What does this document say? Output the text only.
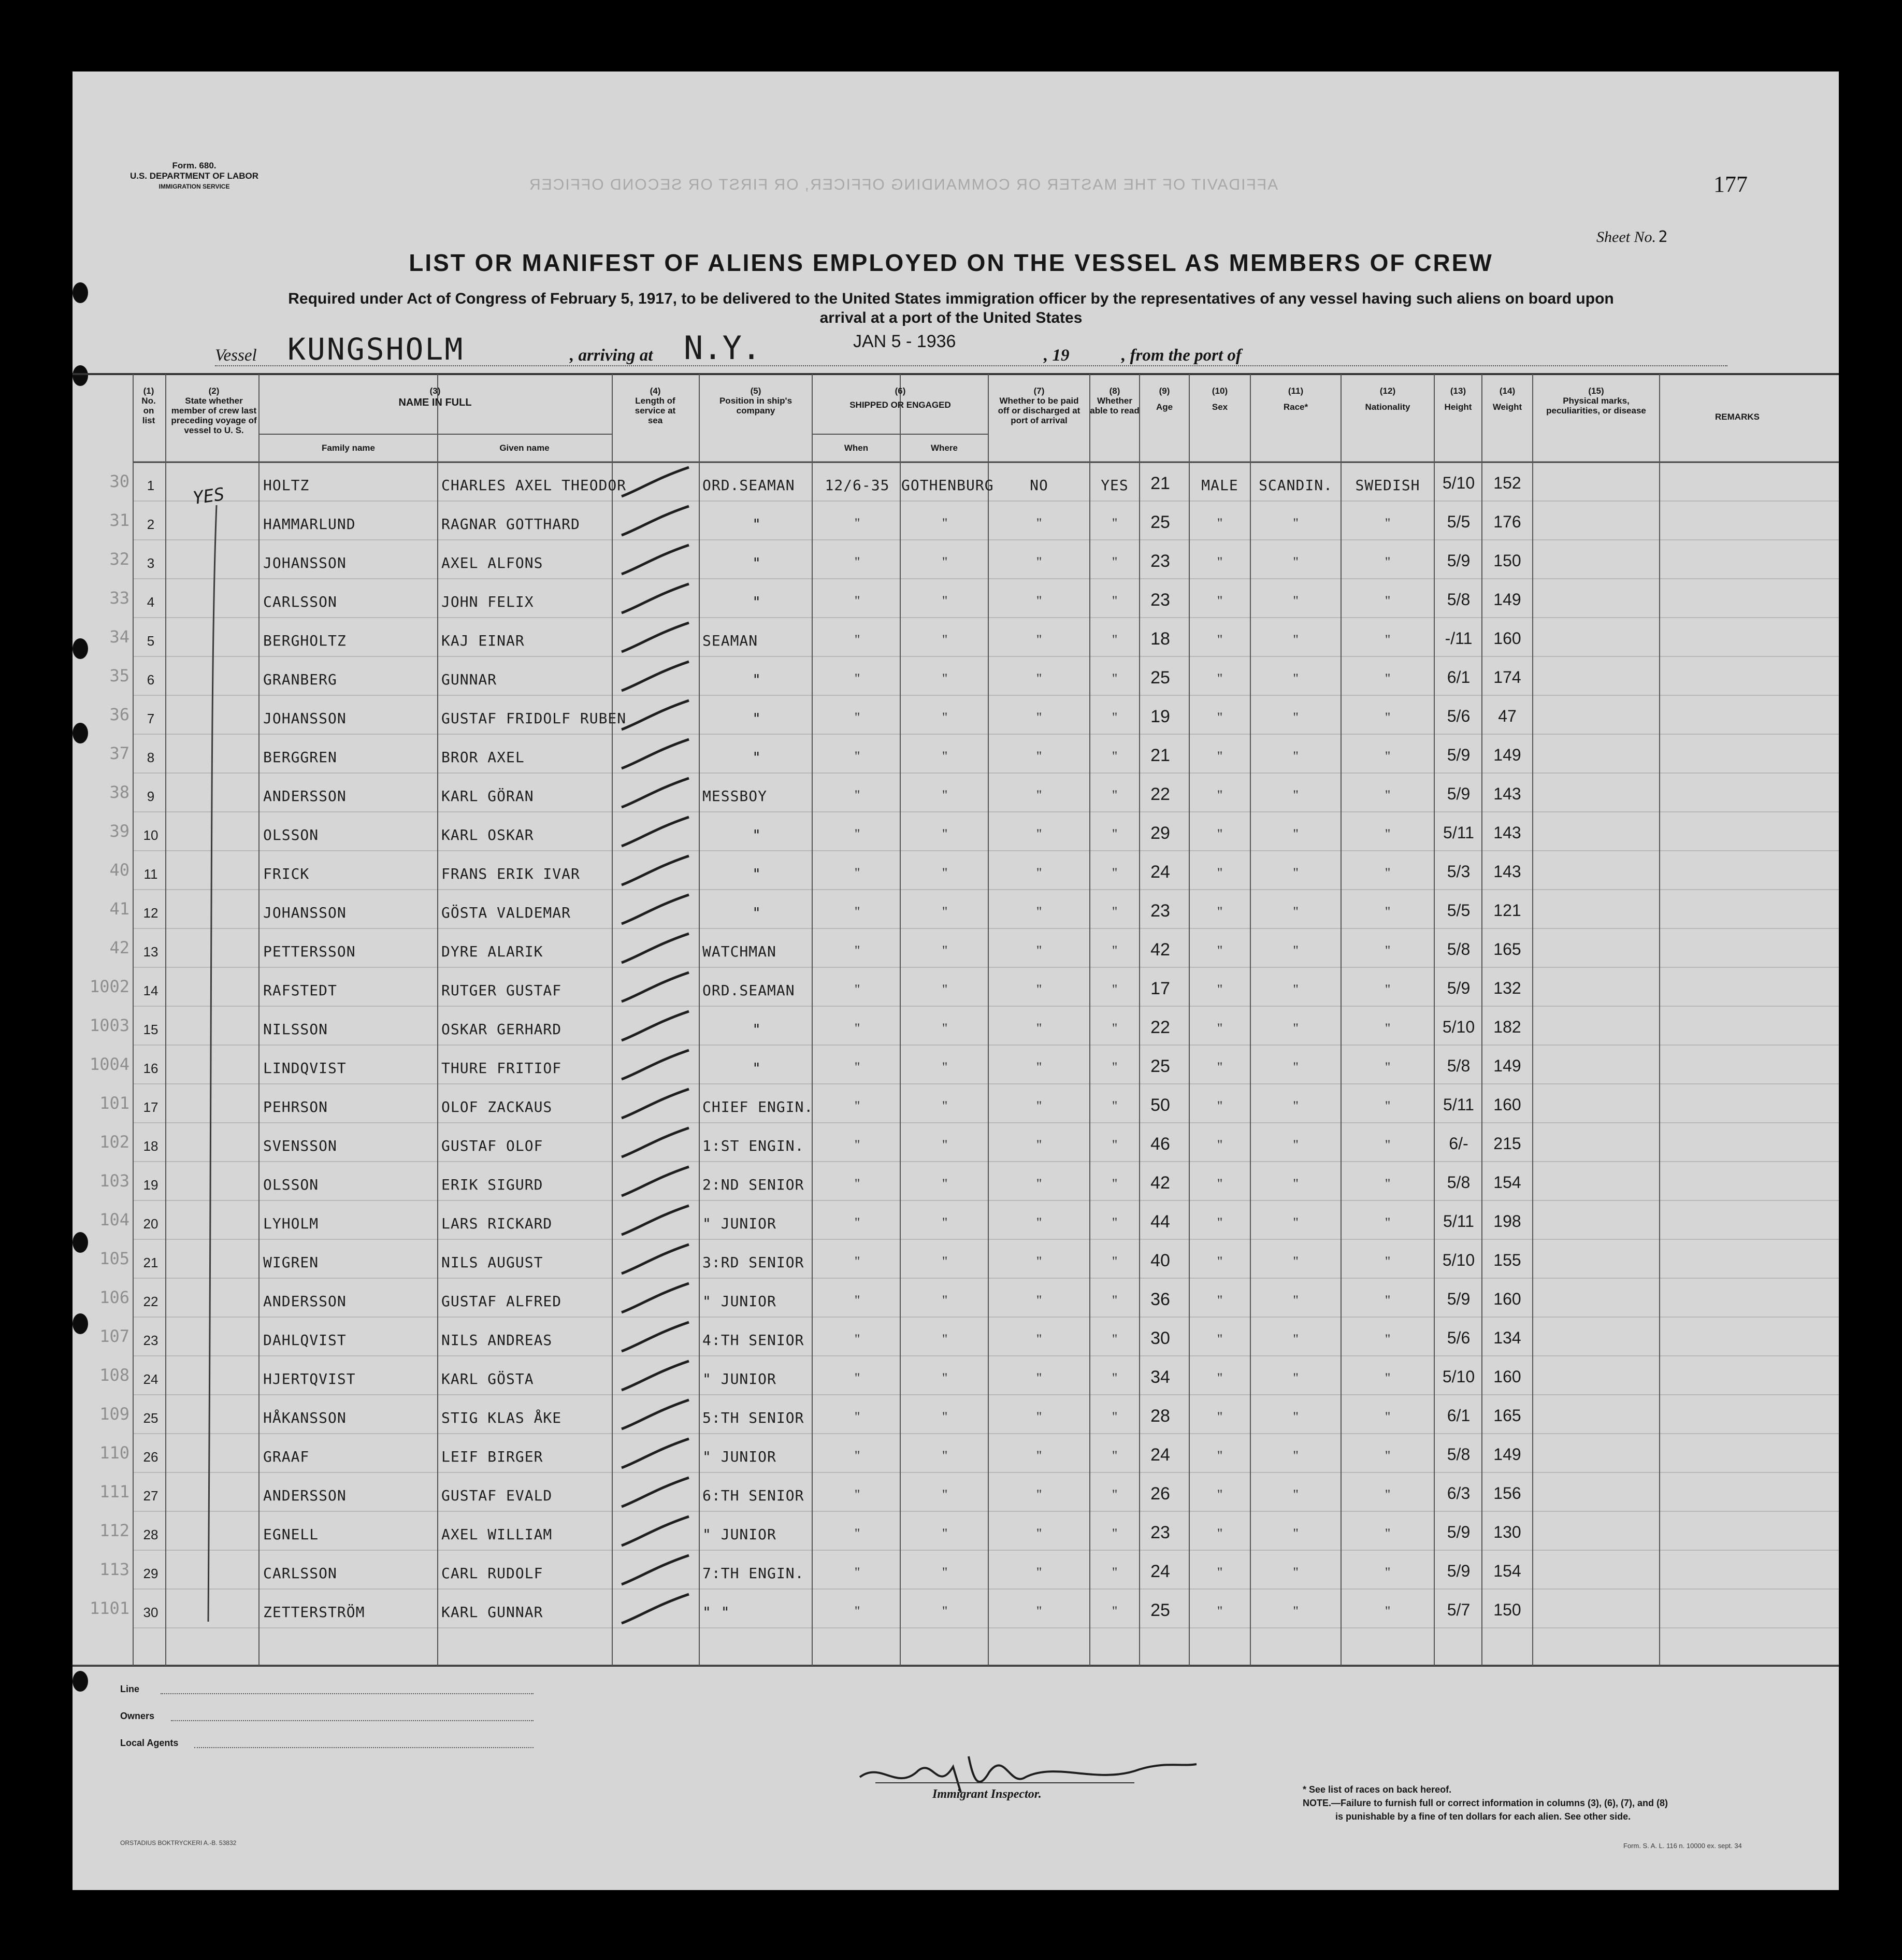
Form. 680.
U.S. DEPARTMENT OF LABOR
IMMIGRATION SERVICE	AFFIDAVIT OF THE MASTER OR COMMANDING OFFICER, OR FIRST OR SECOND OFFICER	177
Sheet No. 2
LIST OR MANIFEST OF ALIENS EMPLOYED ON THE VESSEL AS MEMBERS OF CREW
Required under Act of Congress of February 5, 1917, to be delivered to the United States immigration officer by the representatives of any vessel having such aliens on board upon
arrival at a port of the United States
Vessel KUNGSHOLM	, arriving at N.Y.	JAN 5 - 1936
, 19	, from the port of
(1)
No. on list
(2)
State whether member of crew last preceding voyage of vessel to U. S.
(3)
NAME IN FULL
Family name	Given name
(4)
Length of service at sea
(5)
Position in ship's company
(6)
SHIPPED OR ENGAGED
When	Where
(7)
Whether to be paid off or discharged at port of arrival
(8)
Whether able to read
(9)
Age
(10)
Sex
(11)
Race*
(12)
Nationality
(13)
Height
(14)
Weight
(15)
Physical marks, peculiarities, or disease
REMARKS
30	1	HOLTZ	CHARLES AXEL THEODOR	ORD.SEAMAN	12/6-35 GOTHENBURG	NO	YES	21	MALE	SCANDIN.	SWEDISH	5/10	152
31	2	HAMMARLUND	RAGNAR GOTTHARD	"	"	"	"	"	25	"	"	"	5/5	176
32	3	JOHANSSON	AXEL ALFONS	"	"	"	"	"	23	"	"	"	5/9	150
33	4	CARLSSON	JOHN FELIX	"	"	"	"	"	23	"	"	"	5/8	149
34	5	BERGHOLTZ	KAJ EINAR	SEAMAN	"	"	"	"	18	"	"	"	-/11	160
35	6	GRANBERG	GUNNAR	"	"	"	"	"	25	"	"	"	6/1	174
36	7	JOHANSSON	GUSTAF FRIDOLF RUBEN	"	"	"	"	"	19	"	"	"	5/6	47
37	8	BERGGREN	BROR AXEL	"	"	"	"	"	21	"	"	"	5/9	149
38	9	ANDERSSON	KARL GÖRAN	MESSBOY	"	"	"	"	22	"	"	"	5/9	143
39	10	OLSSON	KARL OSKAR	"	"	"	"	"	29	"	"	"	5/11	143
40	11	FRICK	FRANS ERIK IVAR	"	"	"	"	"	24	"	"	"	5/3	143
41	12	JOHANSSON	GÖSTA VALDEMAR	"	"	"	"	"	23	"	"	"	5/5	121
42	13	PETTERSSON	DYRE ALARIK	WATCHMAN	"	"	"	"	42	"	"	"	5/8	165
1002	14	RAFSTEDT	RUTGER GUSTAF	ORD.SEAMAN	"	"	"	"	17	"	"	"	5/9	132
1003	15	NILSSON	OSKAR GERHARD	"	"	"	"	"	22	"	"	"	5/10	182
1004	16	LINDQVIST	THURE FRITIOF	"	"	"	"	"	25	"	"	"	5/8	149
101	17	PEHRSON	OLOF ZACKAUS	CHIEF ENGIN.	"	"	"	"	50	"	"	"	5/11	160
102	18	SVENSSON	GUSTAF OLOF	1:ST ENGIN.	"	"	"	"	46	"	"	"	6/-	215
103	19	OLSSON	ERIK SIGURD	2:ND SENIOR	"	"	"	"	42	"	"	"	5/8	154
104	20	LYHOLM	LARS RICKARD	" JUNIOR	"	"	"	"	44	"	"	"	5/11	198
105	21	WIGREN	NILS AUGUST	3:RD SENIOR	"	"	"	"	40	"	"	"	5/10	155
106	22	ANDERSSON	GUSTAF ALFRED	" JUNIOR	"	"	"	"	36	"	"	"	5/9	160
107	23	DAHLQVIST	NILS ANDREAS	4:TH SENIOR	"	"	"	"	30	"	"	"	5/6	134
108	24	HJERTQVIST	KARL GÖSTA	" JUNIOR	"	"	"	"	34	"	"	"	5/10	160
109	25	HÅKANSSON	STIG KLAS ÅKE	5:TH SENIOR	"	"	"	"	28	"	"	"	6/1	165
110	26	GRAAF	LEIF BIRGER	" JUNIOR	"	"	"	"	24	"	"	"	5/8	149
111	27	ANDERSSON	GUSTAF EVALD	6:TH SENIOR	"	"	"	"	26	"	"	"	6/3	156
112	28	EGNELL	AXEL WILLIAM	" JUNIOR	"	"	"	"	23	"	"	"	5/9	130
113	29	CARLSSON	CARL RUDOLF	7:TH ENGIN.	"	"	"	"	24	"	"	"	5/9	154
1101	30	ZETTERSTRÖM	KARL GUNNAR	" "	"	"	"	"	25	"	"	"	5/7	150
YES
Line
Owners
Local Agents
Immigrant Inspector.	* See list of races on back hereof.
NOTE.—Failure to furnish full or correct information in columns (3), (6), (7), and (8)
is punishable by a fine of ten dollars for each alien. See other side.
ORSTADIUS BOKTRYCKERI A.-B. 53832	Form. S. A. L. 116 n. 10000 ex. sept. 34
